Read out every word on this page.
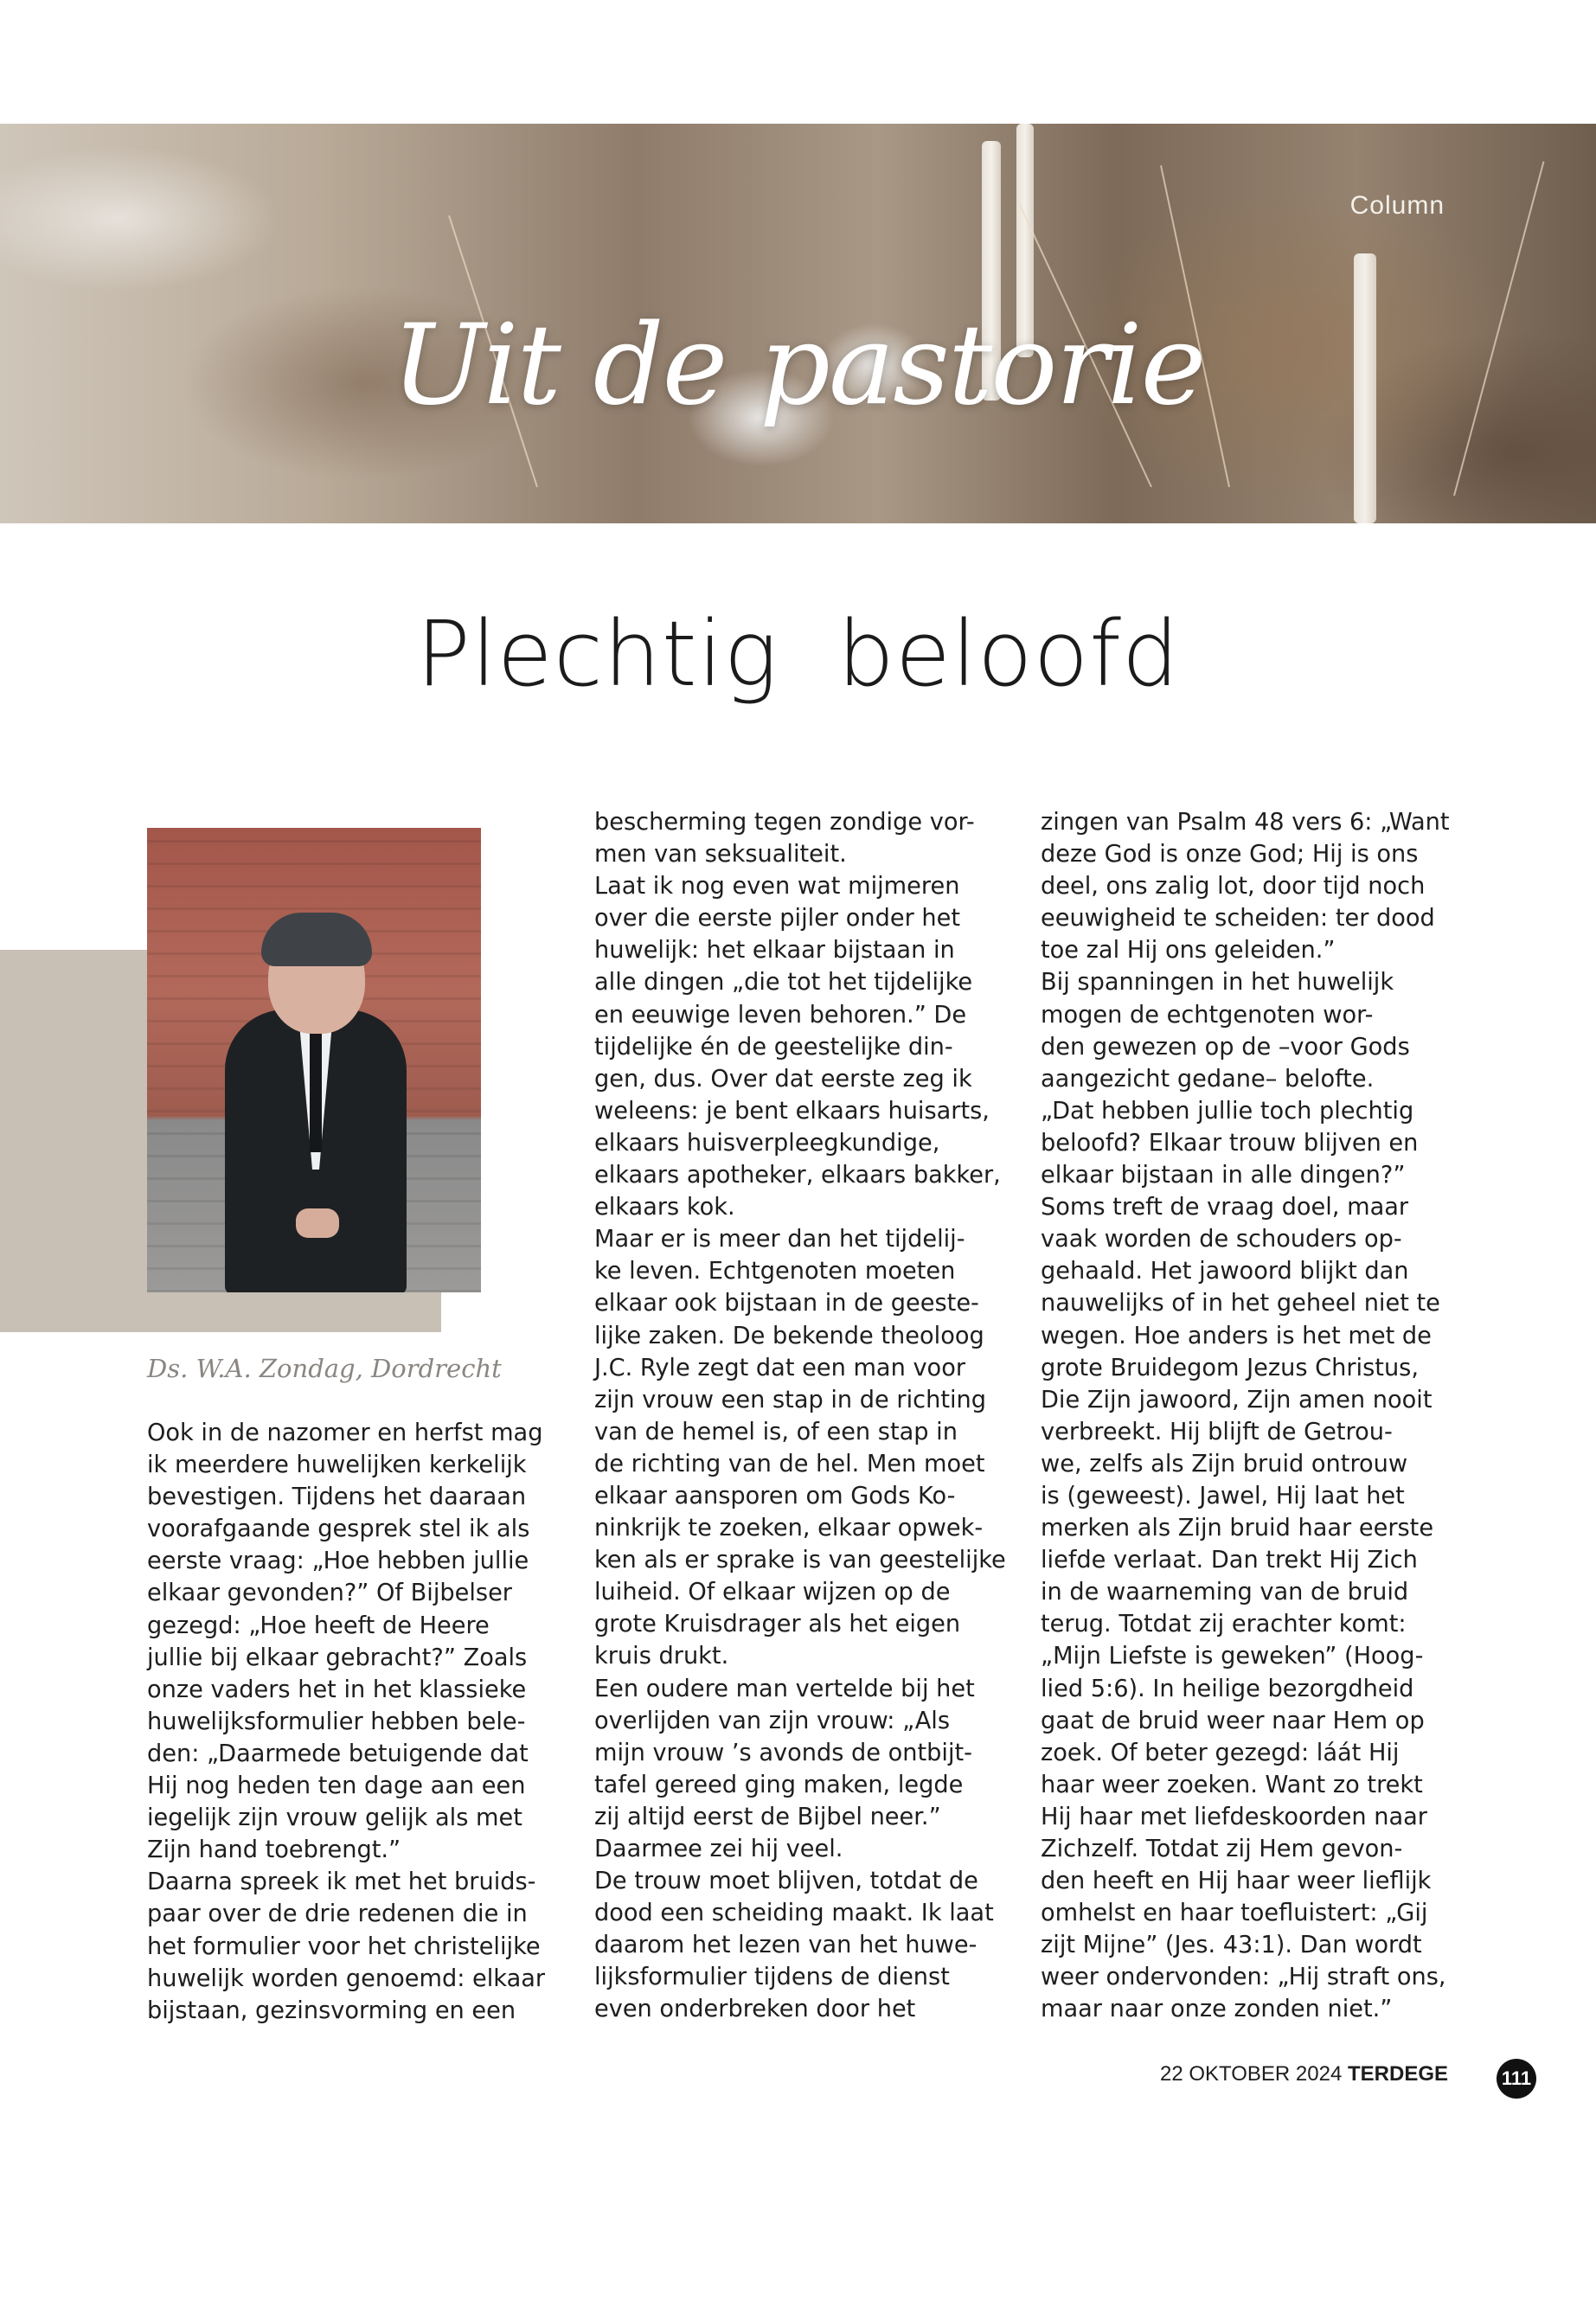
Column
Uit de pastorie
Plechtig  beloofd
Ds. W.A. Zondag, Dordrecht
Ook in de nazomer en herfst mag
ik meerdere huwelijken kerkelijk
bevestigen. Tijdens het daaraan
voorafgaande gesprek stel ik als
eerste vraag: „Hoe hebben jullie
elkaar gevonden?” Of Bijbelser
gezegd: „Hoe heeft de Heere
jullie bij elkaar gebracht?” Zoals
onze vaders het in het klassieke
huwelijksformulier hebben bele-
den: „Daarmede betuigende dat
Hij nog heden ten dage aan een
iegelijk zijn vrouw gelijk als met
Zijn hand toebrengt.”
Daarna spreek ik met het bruids-
paar over de drie redenen die in
het formulier voor het christelijke
huwelijk worden genoemd: elkaar
bijstaan, gezinsvorming en een
bescherming tegen zondige vor-
men van seksualiteit.
Laat ik nog even wat mijmeren
over die eerste pijler onder het
huwelijk: het elkaar bijstaan in
alle dingen „die tot het tijdelijke
en eeuwige leven behoren.” De
tijdelijke én de geestelijke din-
gen, dus. Over dat eerste zeg ik
weleens: je bent elkaars huisarts,
elkaars huisverpleegkundige,
elkaars apotheker, elkaars bakker,
elkaars kok.
Maar er is meer dan het tijdelij-
ke leven. Echtgenoten moeten
elkaar ook bijstaan in de geeste-
lijke zaken. De bekende theoloog
J.C. Ryle zegt dat een man voor
zijn vrouw een stap in de richting
van de hemel is, of een stap in
de richting van de hel. Men moet
elkaar aansporen om Gods Ko-
ninkrijk te zoeken, elkaar opwek-
ken als er sprake is van geestelijke
luiheid. Of elkaar wijzen op de
grote Kruisdrager als het eigen
kruis drukt.
Een oudere man vertelde bij het
overlijden van zijn vrouw: „Als
mijn vrouw ’s avonds de ontbijt-
tafel gereed ging maken, legde
zij altijd eerst de Bijbel neer.”
Daarmee zei hij veel.
De trouw moet blijven, totdat de
dood een scheiding maakt. Ik laat
daarom het lezen van het huwe-
lijksformulier tijdens de dienst
even onderbreken door het
zingen van Psalm 48 vers 6: „Want
deze God is onze God; Hij is ons
deel, ons zalig lot, door tijd noch
eeuwigheid te scheiden: ter dood
toe zal Hij ons geleiden.”
Bij spanningen in het huwelijk
mogen de echtgenoten wor-
den gewezen op de –voor Gods
aangezicht gedane– belofte.
„Dat hebben jullie toch plechtig
beloofd? Elkaar trouw blijven en
elkaar bijstaan in alle dingen?”
Soms treft de vraag doel, maar
vaak worden de schouders op-
gehaald. Het jawoord blijkt dan
nauwelijks of in het geheel niet te
wegen. Hoe anders is het met de
grote Bruidegom Jezus Christus,
Die Zijn jawoord, Zijn amen nooit
verbreekt. Hij blijft de Getrou-
we, zelfs als Zijn bruid ontrouw
is (geweest). Jawel, Hij laat het
merken als Zijn bruid haar eerste
liefde verlaat. Dan trekt Hij Zich
in de waarneming van de bruid
terug. Totdat zij erachter komt:
„Mijn Liefste is geweken” (Hoog-
lied 5:6). In heilige bezorgdheid
gaat de bruid weer naar Hem op
zoek. Of beter gezegd: láát Hij
haar weer zoeken. Want zo trekt
Hij haar met liefdeskoorden naar
Zichzelf. Totdat zij Hem gevon-
den heeft en Hij haar weer lieflijk
omhelst en haar toefluistert: „Gij
zijt Mijne” (Jes. 43:1). Dan wordt
weer ondervonden: „Hij straft ons,
maar naar onze zonden niet.”
22 OKTOBER 2024 TERDEGE	111
